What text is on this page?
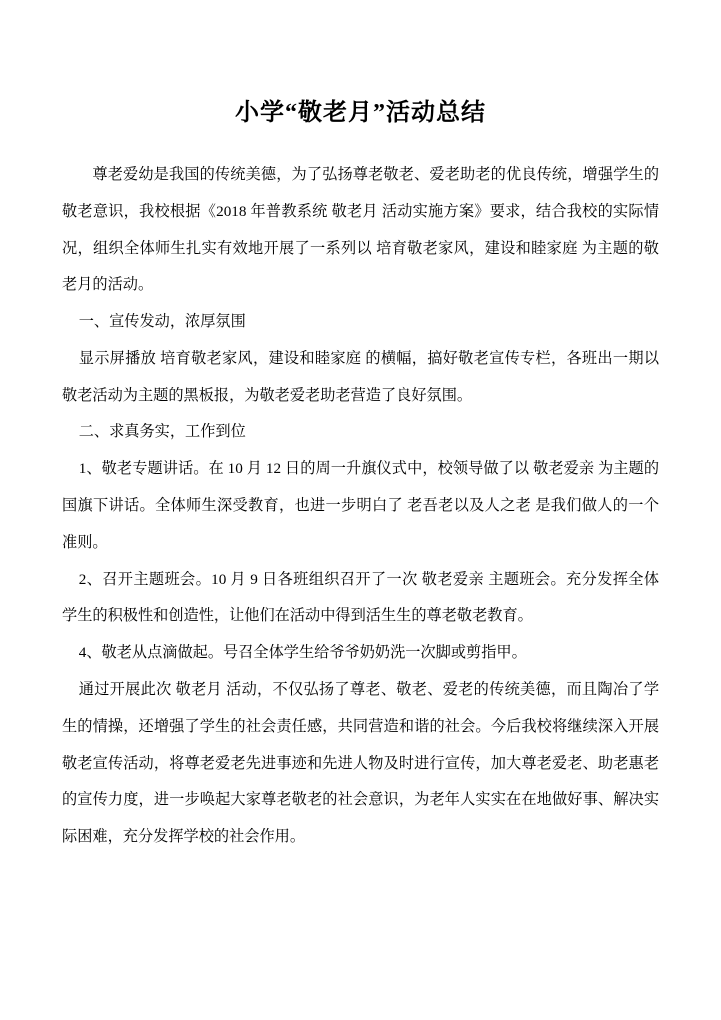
小学“敬老月”活动总结

尊老爱幼是我国的传统美德，为了弘扬尊老敬老、爱老助老的优良传统，增强学生的敬老意识，我校根据《2018 年普教系统 敬老月 活动实施方案》要求，结合我校的实际情况，组织全体师生扎实有效地开展了一系列以 培育敬老家风，建设和睦家庭 为主题的敬老月的活动。

一、宣传发动，浓厚氛围

显示屏播放 培育敬老家风，建设和睦家庭 的横幅，搞好敬老宣传专栏，各班出一期以敬老活动为主题的黑板报，为敬老爱老助老营造了良好氛围。

二、求真务实，工作到位

1、敬老专题讲话。在 10 月 12 日的周一升旗仪式中，校领导做了以 敬老爱亲 为主题的国旗下讲话。全体师生深受教育，也进一步明白了 老吾老以及人之老 是我们做人的一个准则。

2、召开主题班会。10 月 9 日各班组织召开了一次 敬老爱亲 主题班会。充分发挥全体学生的积极性和创造性，让他们在活动中得到活生生的尊老敬老教育。

4、敬老从点滴做起。号召全体学生给爷爷奶奶洗一次脚或剪指甲。

通过开展此次 敬老月 活动，不仅弘扬了尊老、敬老、爱老的传统美德，而且陶冶了学生的情操，还增强了学生的社会责任感，共同营造和谐的社会。今后我校将继续深入开展敬老宣传活动，将尊老爱老先进事迹和先进人物及时进行宣传，加大尊老爱老、助老惠老的宣传力度，进一步唤起大家尊老敬老的社会意识，为老年人实实在在地做好事、解决实际困难，充分发挥学校的社会作用。
